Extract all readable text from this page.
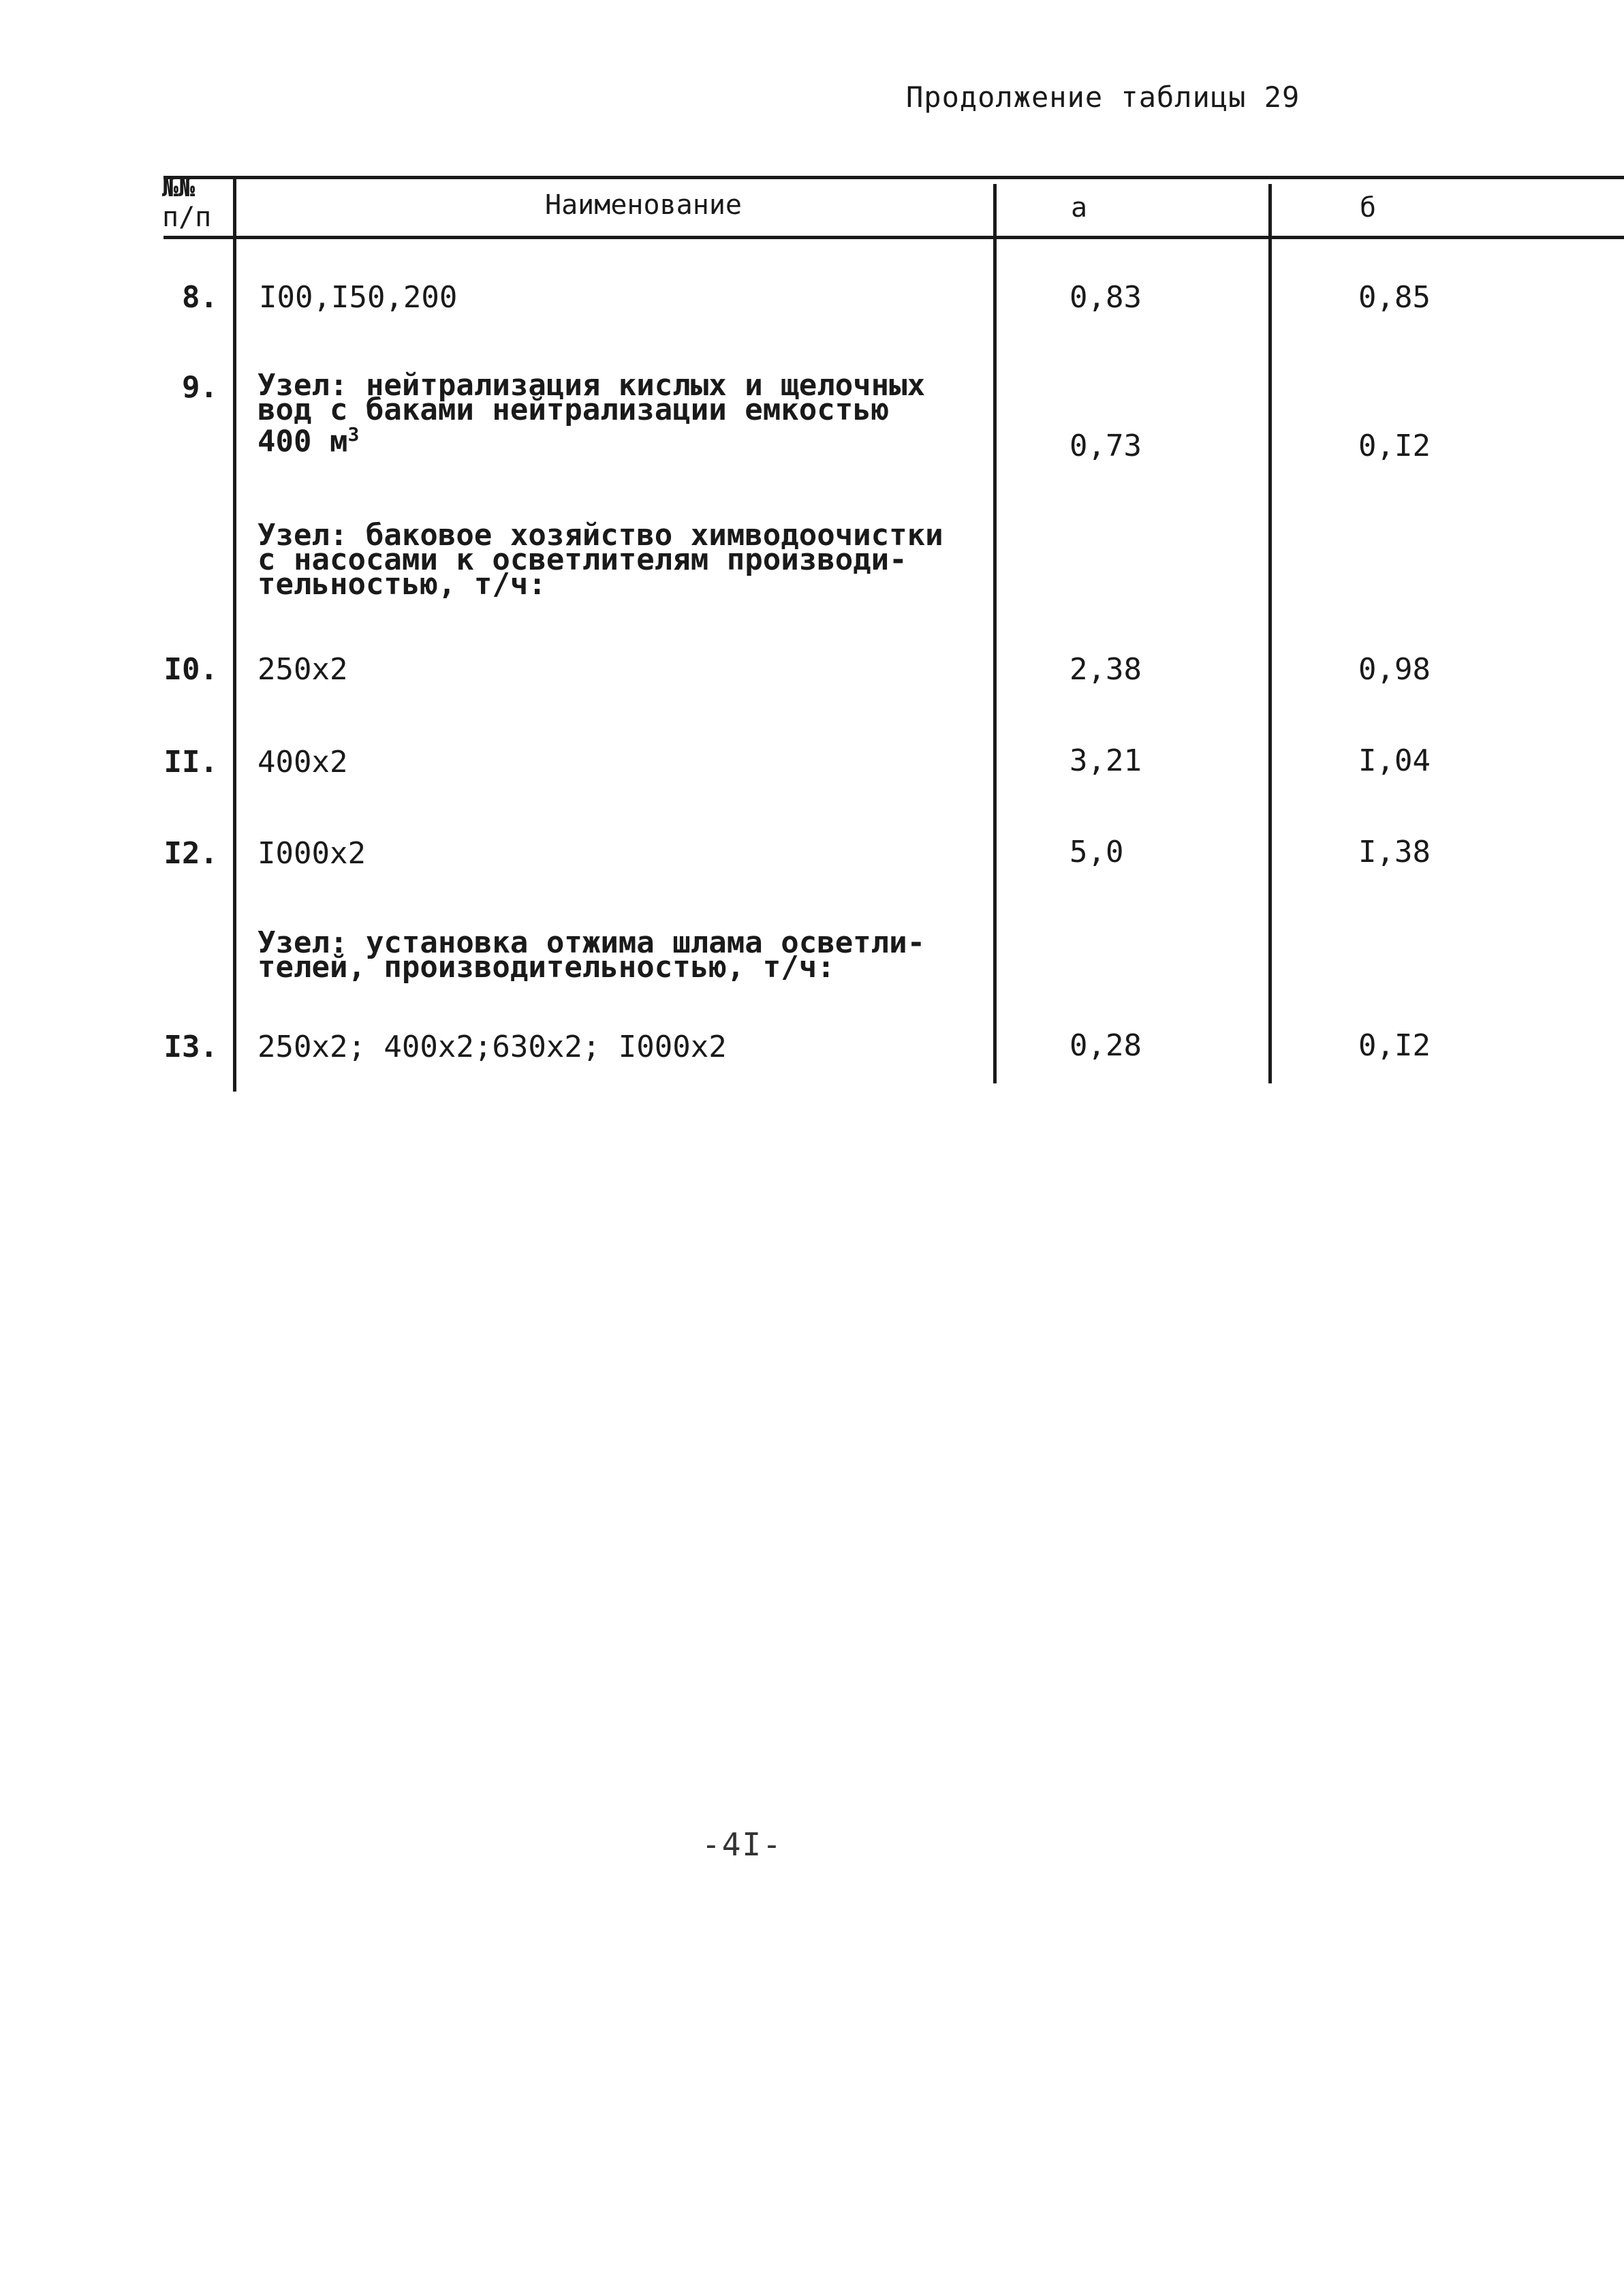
Продолжение таблицы 29
№№
п/п	Наименование	а	б
8. I00,I50,200	0,83	0,85
9. Узел: нейтрализация кислых и щелочных
вод с баками нейтрализации емкостью
400 $м^3$	0,73	0,I2
Узел: баковое хозяйство химводоочистки
с насосами к осветлителям производи-
тельностью, т/ч:
I0. 250х2	2,38	0,98
II. 400х2	3,21	I,04
I2. I000х2	5,0	I,38
Узел: установка отжима шлама осветли-
телей, производительностью, т/ч:
I3. 250х2; 400х2;630х2; I000х2	0,28	0,I2
-4I-
